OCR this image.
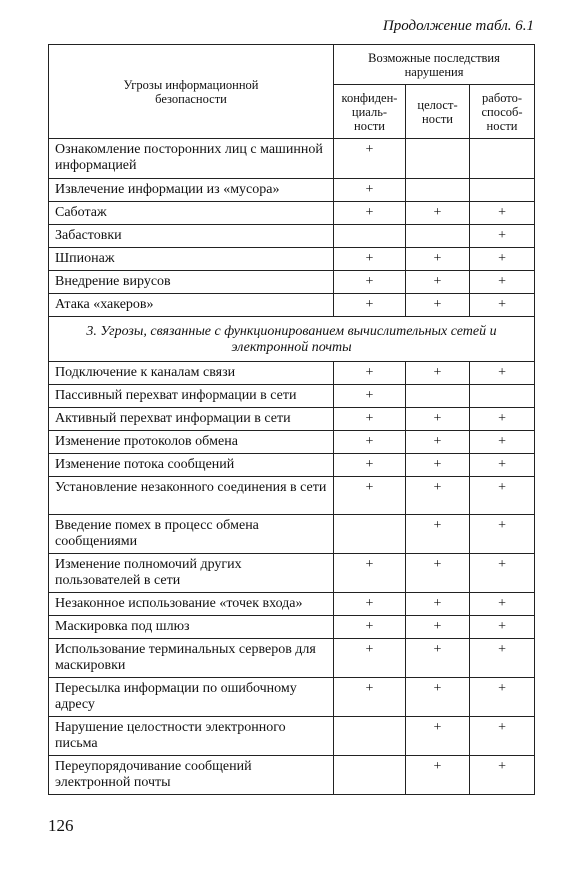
Продолжение табл. 6.1
Угрозы информационной безопасности	Возможные последствия нарушения		
	конфиден-циаль-ности	целост-ности	работо-способ-ности
Ознакомление посторонних лиц с машинной информацией	+		
Извлечение информации из «мусора»	+		
Саботаж	+	+	+
Забастовки			+
Шпионаж	+	+	+
Внедрение вирусов	+	+	+
Атака «хакеров»	+	+	+
3. Угрозы, связанные с функционированием вычислительных сетей и электронной почты			
Подключение к каналам связи	+	+	+
Пассивный перехват информации в сети	+		
Активный перехват информации в сети	+	+	+
Изменение протоколов обмена	+	+	+
Изменение потока сообщений	+	+	+
Установление незаконного соединения в сети	+	+	+
Введение помех в процесс обмена сообщениями		+	+
Изменение полномочий других пользователей в сети	+	+	+
Незаконное использование «точек входа»	+	+	+
Маскировка под шлюз	+	+	+
Использование терминальных серверов для маскировки	+	+	+
Пересылка информации по ошибочному адресу	+	+	+
Нарушение целостности электронного письма		+	+
Переупорядочивание сообщений электронной почты		+	+
126
